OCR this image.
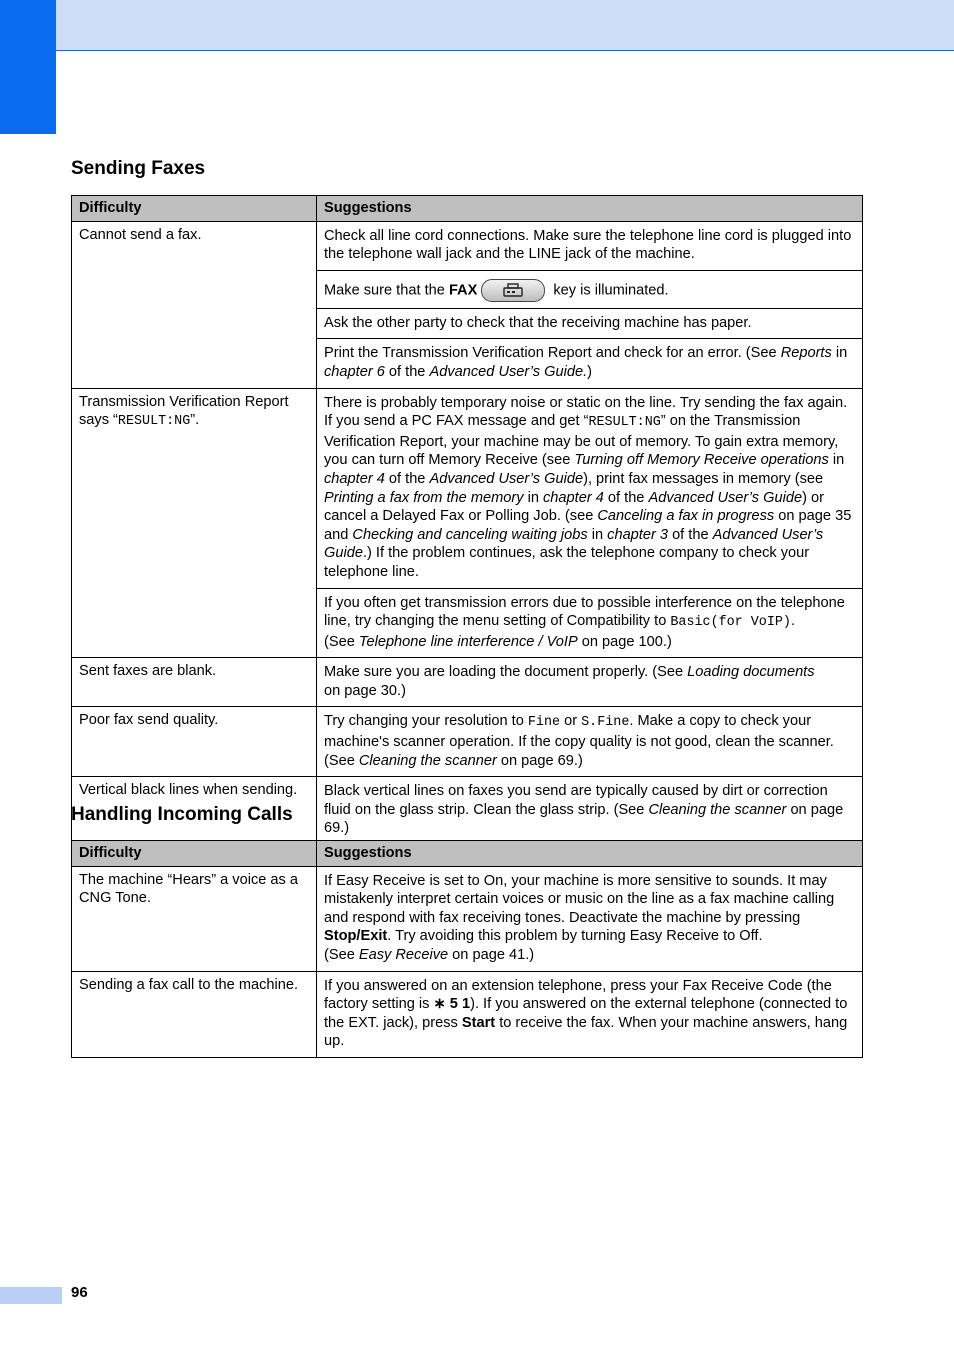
Sending Faxes
Difficulty	Suggestions
Cannot send a fax.	Check all line cord connections. Make sure the telephone line cord is plugged into the telephone wall jack and the LINE jack of the machine.
	Make sure that the FAX key is illuminated.
	Ask the other party to check that the receiving machine has paper.
	Print the Transmission Verification Report and check for an error. (See Reports in chapter 6 of the Advanced User’s Guide.)
Transmission Verification Report says “RESULT:NG”.	There is probably temporary noise or static on the line. Try sending the fax again. If you send a PC FAX message and get “RESULT:NG” on the Transmission Verification Report, your machine may be out of memory. To gain extra memory, you can turn off Memory Receive (see Turning off Memory Receive operations in chapter 4 of the Advanced User’s Guide), print fax messages in memory (see Printing a fax from the memory in chapter 4 of the Advanced User’s Guide) or cancel a Delayed Fax or Polling Job. (see Canceling a fax in progress on page 35 and Checking and canceling waiting jobs in chapter 3 of the Advanced User’s Guide.) If the problem continues, ask the telephone company to check your telephone line.
	If you often get transmission errors due to possible interference on the telephone line, try changing the menu setting of Compatibility to Basic(for VoIP).
(See Telephone line interference / VoIP on page 100.)
Sent faxes are blank.	Make sure you are loading the document properly. (See Loading documents
on page 30.)
Poor fax send quality.	Try changing your resolution to Fine or S.Fine. Make a copy to check your machine's scanner operation. If the copy quality is not good, clean the scanner.
(See Cleaning the scanner on page 69.)
Vertical black lines when sending.	Black vertical lines on faxes you send are typically caused by dirt or correction fluid on the glass strip. Clean the glass strip. (See Cleaning the scanner on page 69.)
Handling Incoming Calls
Difficulty	Suggestions
The machine “Hears” a voice as a CNG Tone.	If Easy Receive is set to On, your machine is more sensitive to sounds. It may mistakenly interpret certain voices or music on the line as a fax machine calling and respond with fax receiving tones. Deactivate the machine by pressing Stop/Exit. Try avoiding this problem by turning Easy Receive to Off.
(See Easy Receive on page 41.)
Sending a fax call to the machine.	If you answered on an extension telephone, press your Fax Receive Code (the factory setting is ∗ 5 1). If you answered on the external telephone (connected to the EXT. jack), press Start to receive the fax. When your machine answers, hang up.
96
